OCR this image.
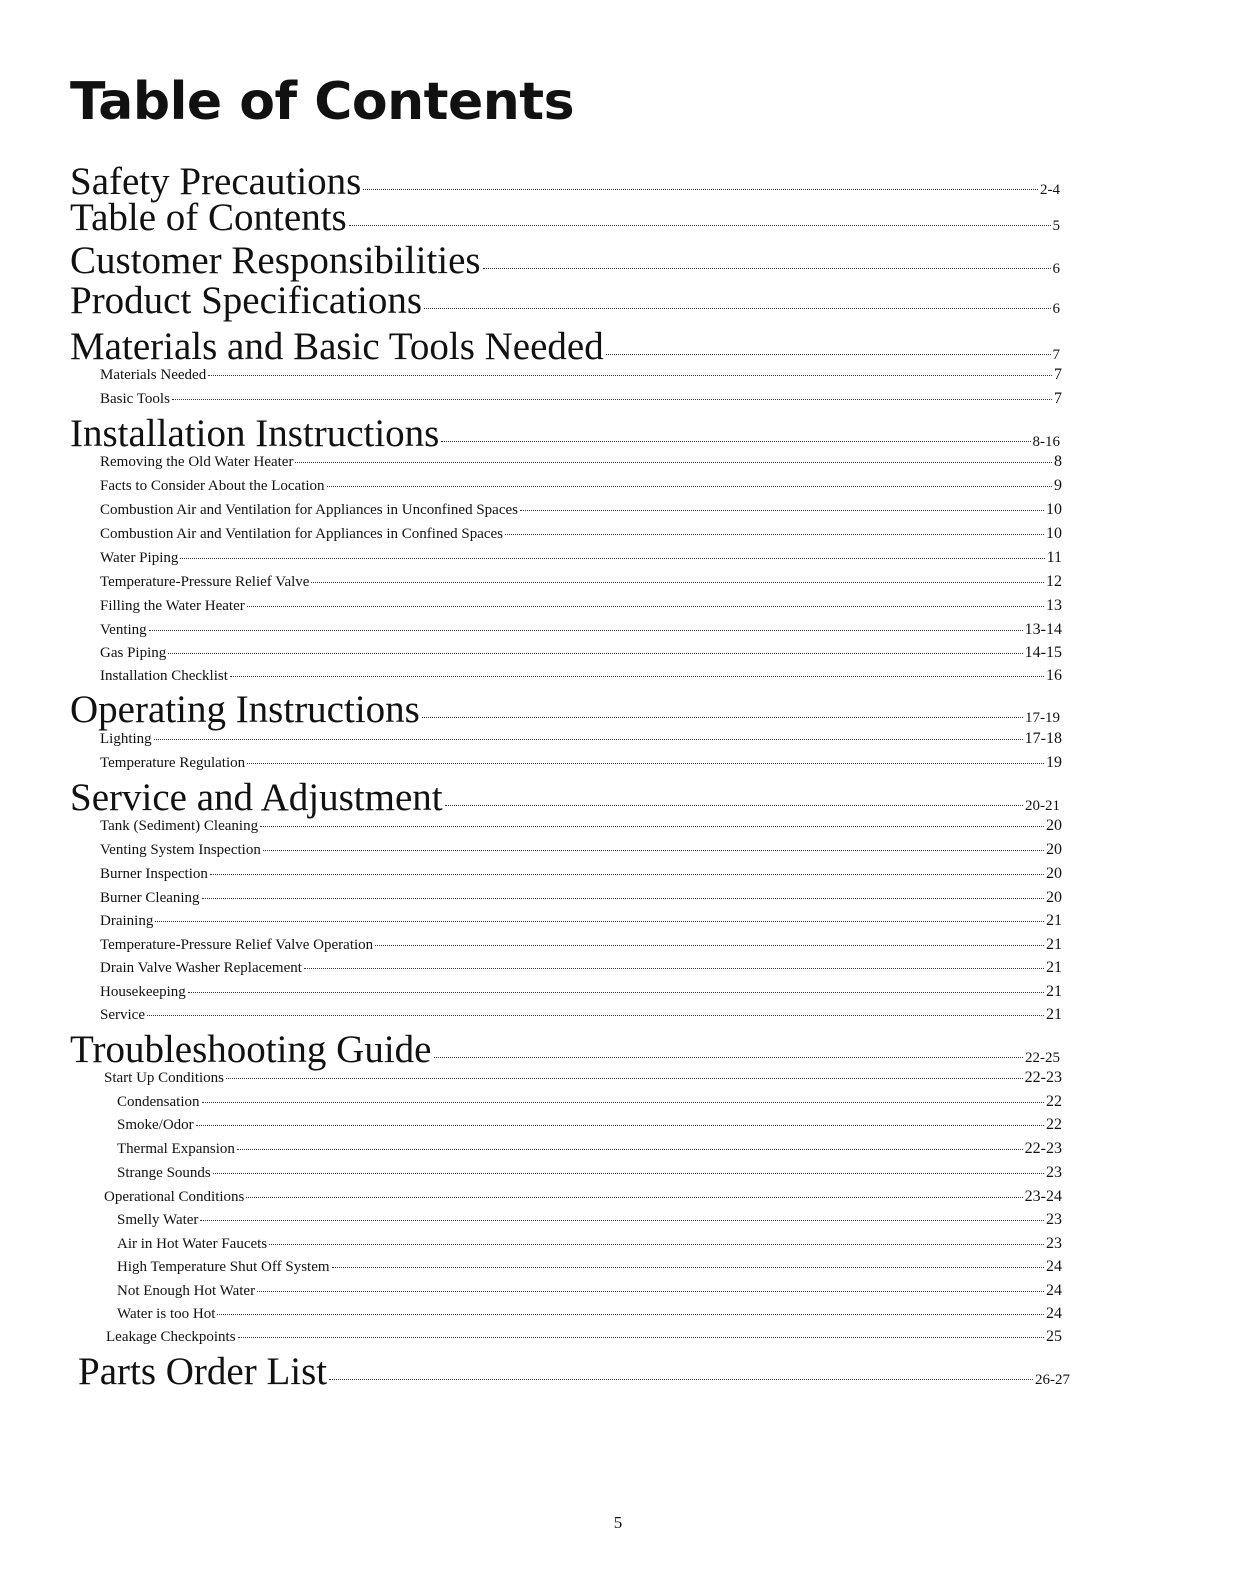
Table of Contents
Safety Precautions	2-4
Table of Contents	5
Customer Responsibilities	6
Product Specifications	6
Materials and Basic Tools Needed	7
Materials Needed	7
Basic Tools	7
Installation Instructions	8-16
Removing the Old Water Heater	8
Facts to Consider About the Location	9
Combustion Air and Ventilation for Appliances in Unconfined Spaces	10
Combustion Air and Ventilation for Appliances in Confined Spaces	10
Water Piping	11
Temperature-Pressure Relief Valve	12
Filling the Water Heater	13
Venting	13-14
Gas Piping	14-15
Installation Checklist	16
Operating Instructions	17-19
Lighting	17-18
Temperature Regulation	19
Service and Adjustment	20-21
Tank (Sediment) Cleaning	20
Venting System Inspection	20
Burner Inspection	20
Burner Cleaning	20
Draining	21
Temperature-Pressure Relief Valve Operation	21
Drain Valve Washer Replacement	21
Housekeeping	21
Service	21
Troubleshooting Guide	22-25
Start Up Conditions	22-23
Condensation	22
Smoke/Odor	22
Thermal Expansion	22-23
Strange Sounds	23
Operational Conditions	23-24
Smelly Water	23
Air in Hot Water Faucets	23
High Temperature Shut Off System	24
Not Enough Hot Water	24
Water is too Hot	24
Leakage Checkpoints	25
Parts Order List	26-27
5
